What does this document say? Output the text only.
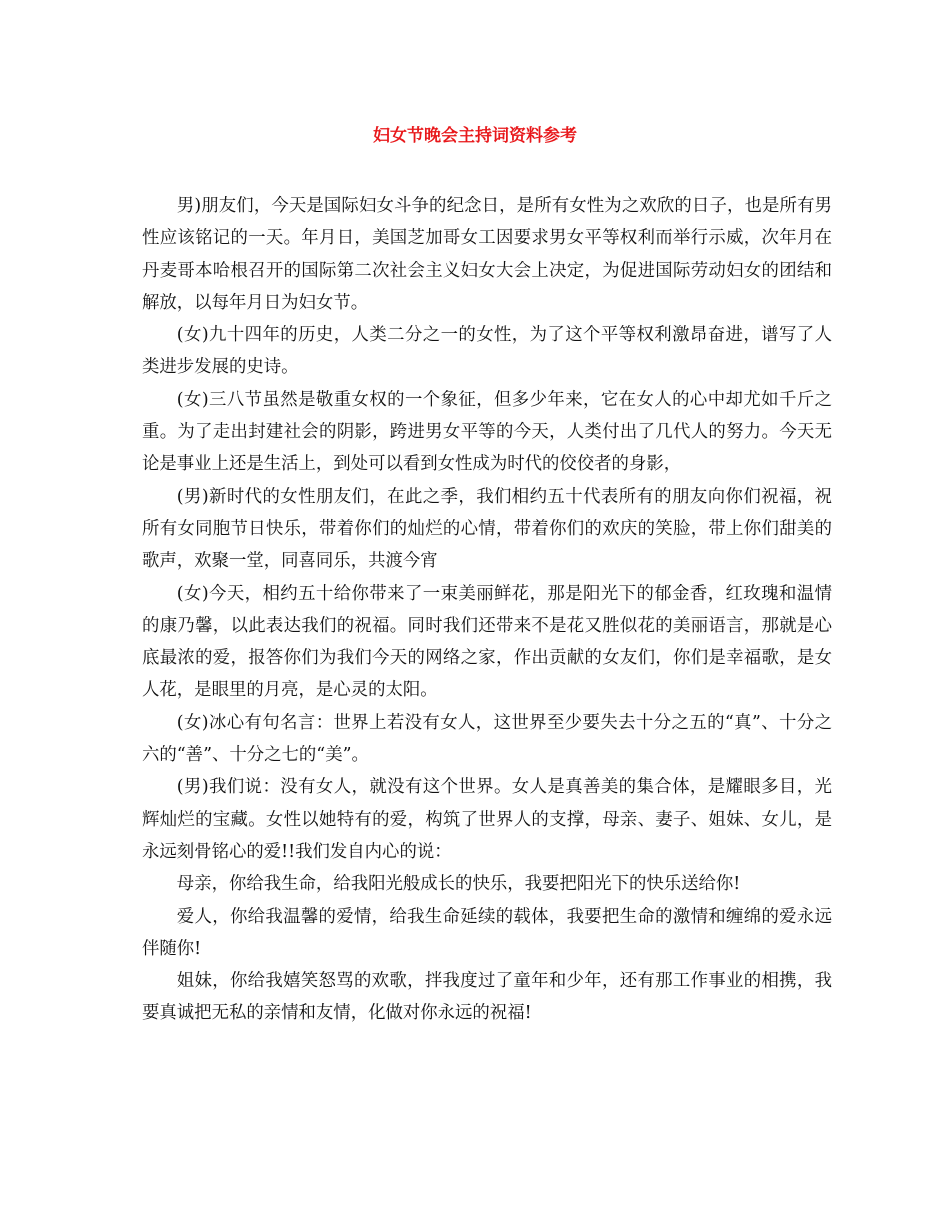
妇女节晚会主持词资料参考

男)朋友们，今天是国际妇女斗争的纪念日，是所有女性为之欢欣的日子，也是所有男性应该铭记的一天。年月日，美国芝加哥女工因要求男女平等权利而举行示威，次年月在丹麦哥本哈根召开的国际第二次社会主义妇女大会上决定，为促进国际劳动妇女的团结和解放，以每年月日为妇女节。

(女)九十四年的历史，人类二分之一的女性，为了这个平等权利激昂奋进，谱写了人类进步发展的史诗。

(女)三八节虽然是敬重女权的一个象征，但多少年来，它在女人的心中却尤如千斤之重。为了走出封建社会的阴影，跨进男女平等的今天，人类付出了几代人的努力。今天无论是事业上还是生活上，到处可以看到女性成为时代的佼佼者的身影，

(男)新时代的女性朋友们，在此之季，我们相约五十代表所有的朋友向你们祝福，祝所有女同胞节日快乐，带着你们的灿烂的心情，带着你们的欢庆的笑脸，带上你们甜美的歌声，欢聚一堂，同喜同乐，共渡今宵

(女)今天，相约五十给你带来了一束美丽鲜花，那是阳光下的郁金香，红玫瑰和温情的康乃馨，以此表达我们的祝福。同时我们还带来不是花又胜似花的美丽语言，那就是心底最浓的爱，报答你们为我们今天的网络之家，作出贡献的女友们，你们是幸福歌，是女人花，是眼里的月亮，是心灵的太阳。

(女)冰心有句名言：世界上若没有女人，这世界至少要失去十分之五的“真”、十分之六的“善”、十分之七的“美”。

(男)我们说：没有女人，就没有这个世界。女人是真善美的集合体，是耀眼多目，光辉灿烂的宝藏。女性以她特有的爱，构筑了世界人的支撑，母亲、妻子、姐妹、女儿，是永远刻骨铭心的爱!!我们发自内心的说：

母亲，你给我生命，给我阳光般成长的快乐，我要把阳光下的快乐送给你!

爱人，你给我温馨的爱情，给我生命延续的载体，我要把生命的激情和缠绵的爱永远伴随你!

姐妹，你给我嬉笑怒骂的欢歌，拌我度过了童年和少年，还有那工作事业的相携，我要真诚把无私的亲情和友情，化做对你永远的祝福!
